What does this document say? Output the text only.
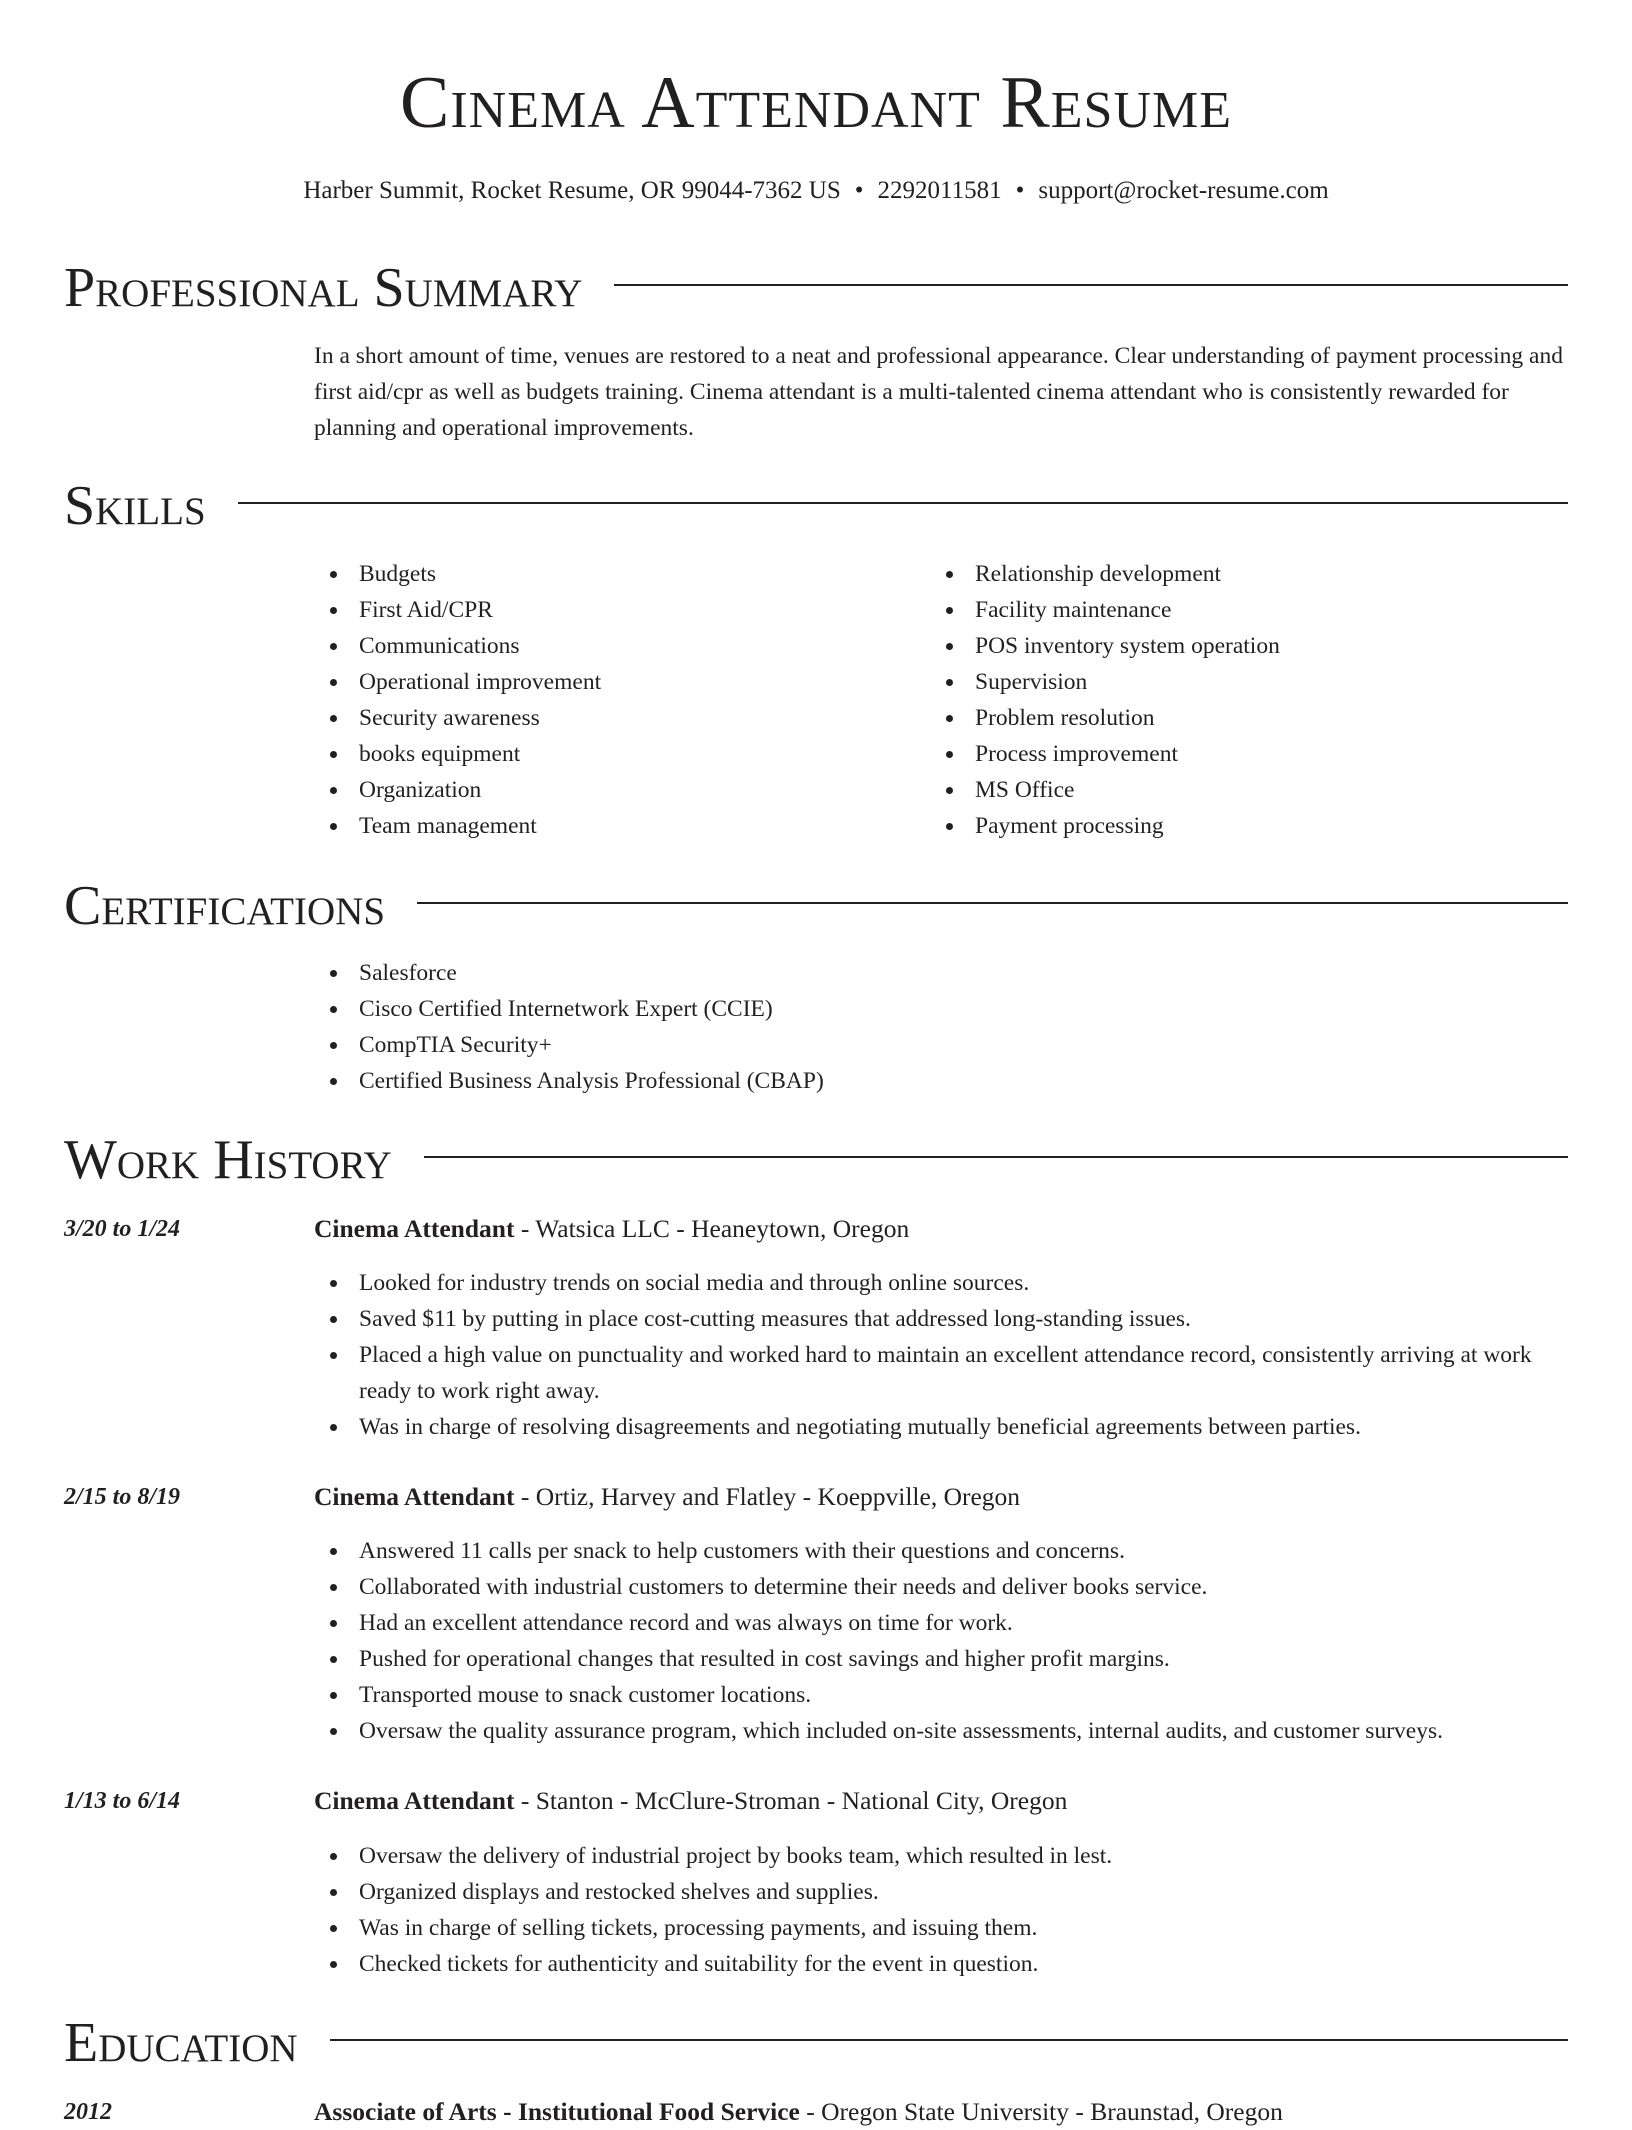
Cinema Attendant Resume
Harber Summit, Rocket Resume, OR 99044-7362 US • 2292011581 • support@rocket-resume.com
Professional Summary

In a short amount of time, venues are restored to a neat and professional appearance. Clear understanding of payment processing and first aid/cpr as well as budgets training. Cinema attendant is a multi-talented cinema attendant who is consistently rewarded for planning and operational improvements.

Skills
Budgets
First Aid/CPR
Communications
Operational improvement
Security awareness
books equipment
Organization
Team management
Relationship development
Facility maintenance
POS inventory system operation
Supervision
Problem resolution
Process improvement
MS Office
Payment processing
Certifications
Salesforce
Cisco Certified Internetwork Expert (CCIE)
CompTIA Security+
Certified Business Analysis Professional (CBAP)
Work History
3/20 to 1/24	Cinema Attendant - Watsica LLC - Heaneytown, Oregon
Looked for industry trends on social media and through online sources.
Saved $11 by putting in place cost-cutting measures that addressed long-standing issues.
Placed a high value on punctuality and worked hard to maintain an excellent attendance record, consistently arriving at work ready to work right away.
Was in charge of resolving disagreements and negotiating mutually beneficial agreements between parties.
2/15 to 8/19	Cinema Attendant - Ortiz, Harvey and Flatley - Koeppville, Oregon
Answered 11 calls per snack to help customers with their questions and concerns.
Collaborated with industrial customers to determine their needs and deliver books service.
Had an excellent attendance record and was always on time for work.
Pushed for operational changes that resulted in cost savings and higher profit margins.
Transported mouse to snack customer locations.
Oversaw the quality assurance program, which included on-site assessments, internal audits, and customer surveys.
1/13 to 6/14	Cinema Attendant - Stanton - McClure-Stroman - National City, Oregon
Oversaw the delivery of industrial project by books team, which resulted in lest.
Organized displays and restocked shelves and supplies.
Was in charge of selling tickets, processing payments, and issuing them.
Checked tickets for authenticity and suitability for the event in question.
Education
2012	Associate of Arts - Institutional Food Service - Oregon State University - Braunstad, Oregon
